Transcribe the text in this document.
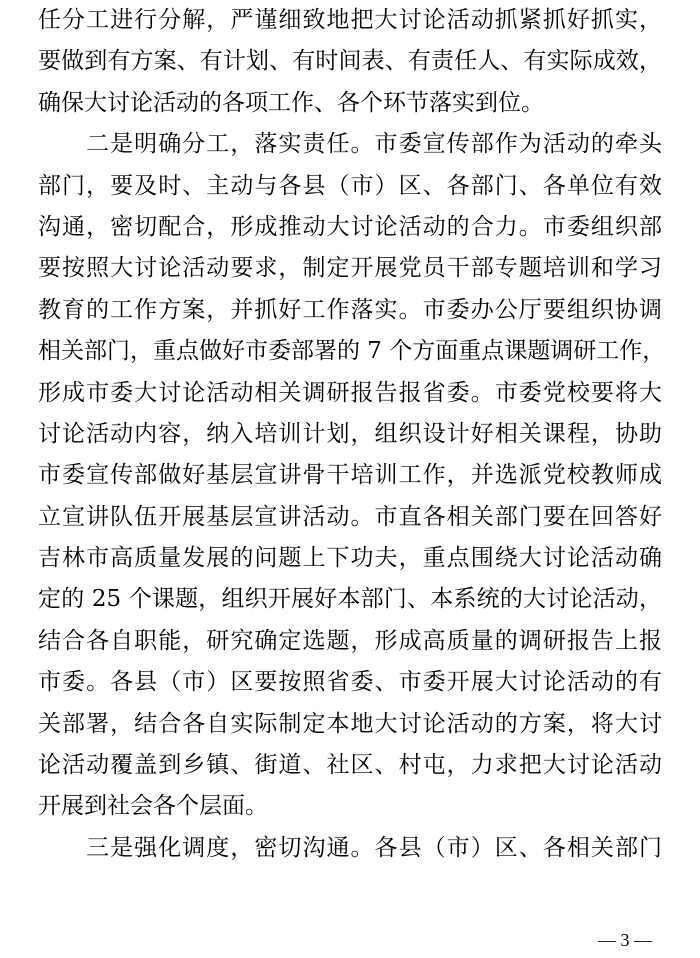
任分工进行分解，严谨细致地把大讨论活动抓紧抓好抓实，
要做到有方案、有计划、有时间表、有责任人、有实际成效，
确保大讨论活动的各项工作、各个环节落实到位。
　　二是明确分工，落实责任。市委宣传部作为活动的牵头
部门，要及时、主动与各县（市）区、各部门、各单位有效
沟通，密切配合，形成推动大讨论活动的合力。市委组织部
要按照大讨论活动要求，制定开展党员干部专题培训和学习
教育的工作方案，并抓好工作落实。市委办公厅要组织协调
相关部门，重点做好市委部署的 7 个方面重点课题调研工作，
形成市委大讨论活动相关调研报告报省委。市委党校要将大
讨论活动内容，纳入培训计划，组织设计好相关课程，协助
市委宣传部做好基层宣讲骨干培训工作，并选派党校教师成
立宣讲队伍开展基层宣讲活动。市直各相关部门要在回答好
吉林市高质量发展的问题上下功夫，重点围绕大讨论活动确
定的 25 个课题，组织开展好本部门、本系统的大讨论活动，
结合各自职能，研究确定选题，形成高质量的调研报告上报
市委。各县（市）区要按照省委、市委开展大讨论活动的有
关部署，结合各自实际制定本地大讨论活动的方案，将大讨
论活动覆盖到乡镇、街道、社区、村屯，力求把大讨论活动
开展到社会各个层面。
　　三是强化调度，密切沟通。各县（市）区、各相关部门
— 3 —
